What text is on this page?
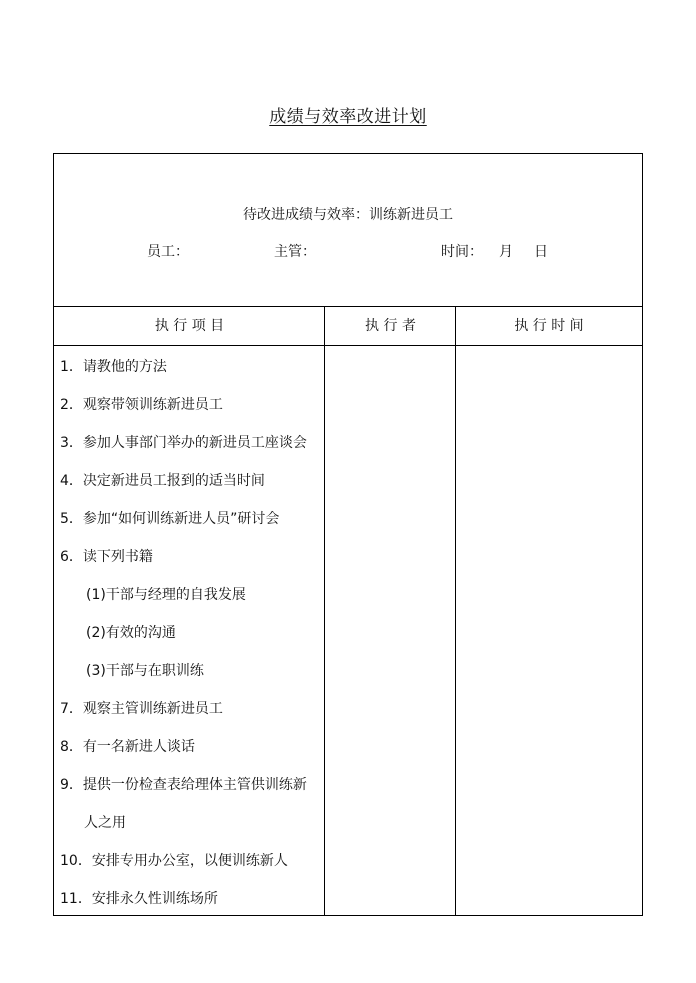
成绩与效率改进计划
待改进成绩与效率：训练新进员工
员工：	主管：	时间： 月 日
执 行 项 目	执 行 者	执 行 时 间
1．请教他的方法
2．观察带领训练新进员工
3．参加人事部门举办的新进员工座谈会
4．决定新进员工报到的适当时间
5．参加“如何训练新进人员”研讨会
6．读下列书籍
(1)干部与经理的自我发展
(2)有效的沟通
(3)干部与在职训练
7．观察主管训练新进员工
8．有一名新进人谈话
9．提供一份检查表给理体主管供训练新
人之用
10．安排专用办公室，以便训练新人
11．安排永久性训练场所
